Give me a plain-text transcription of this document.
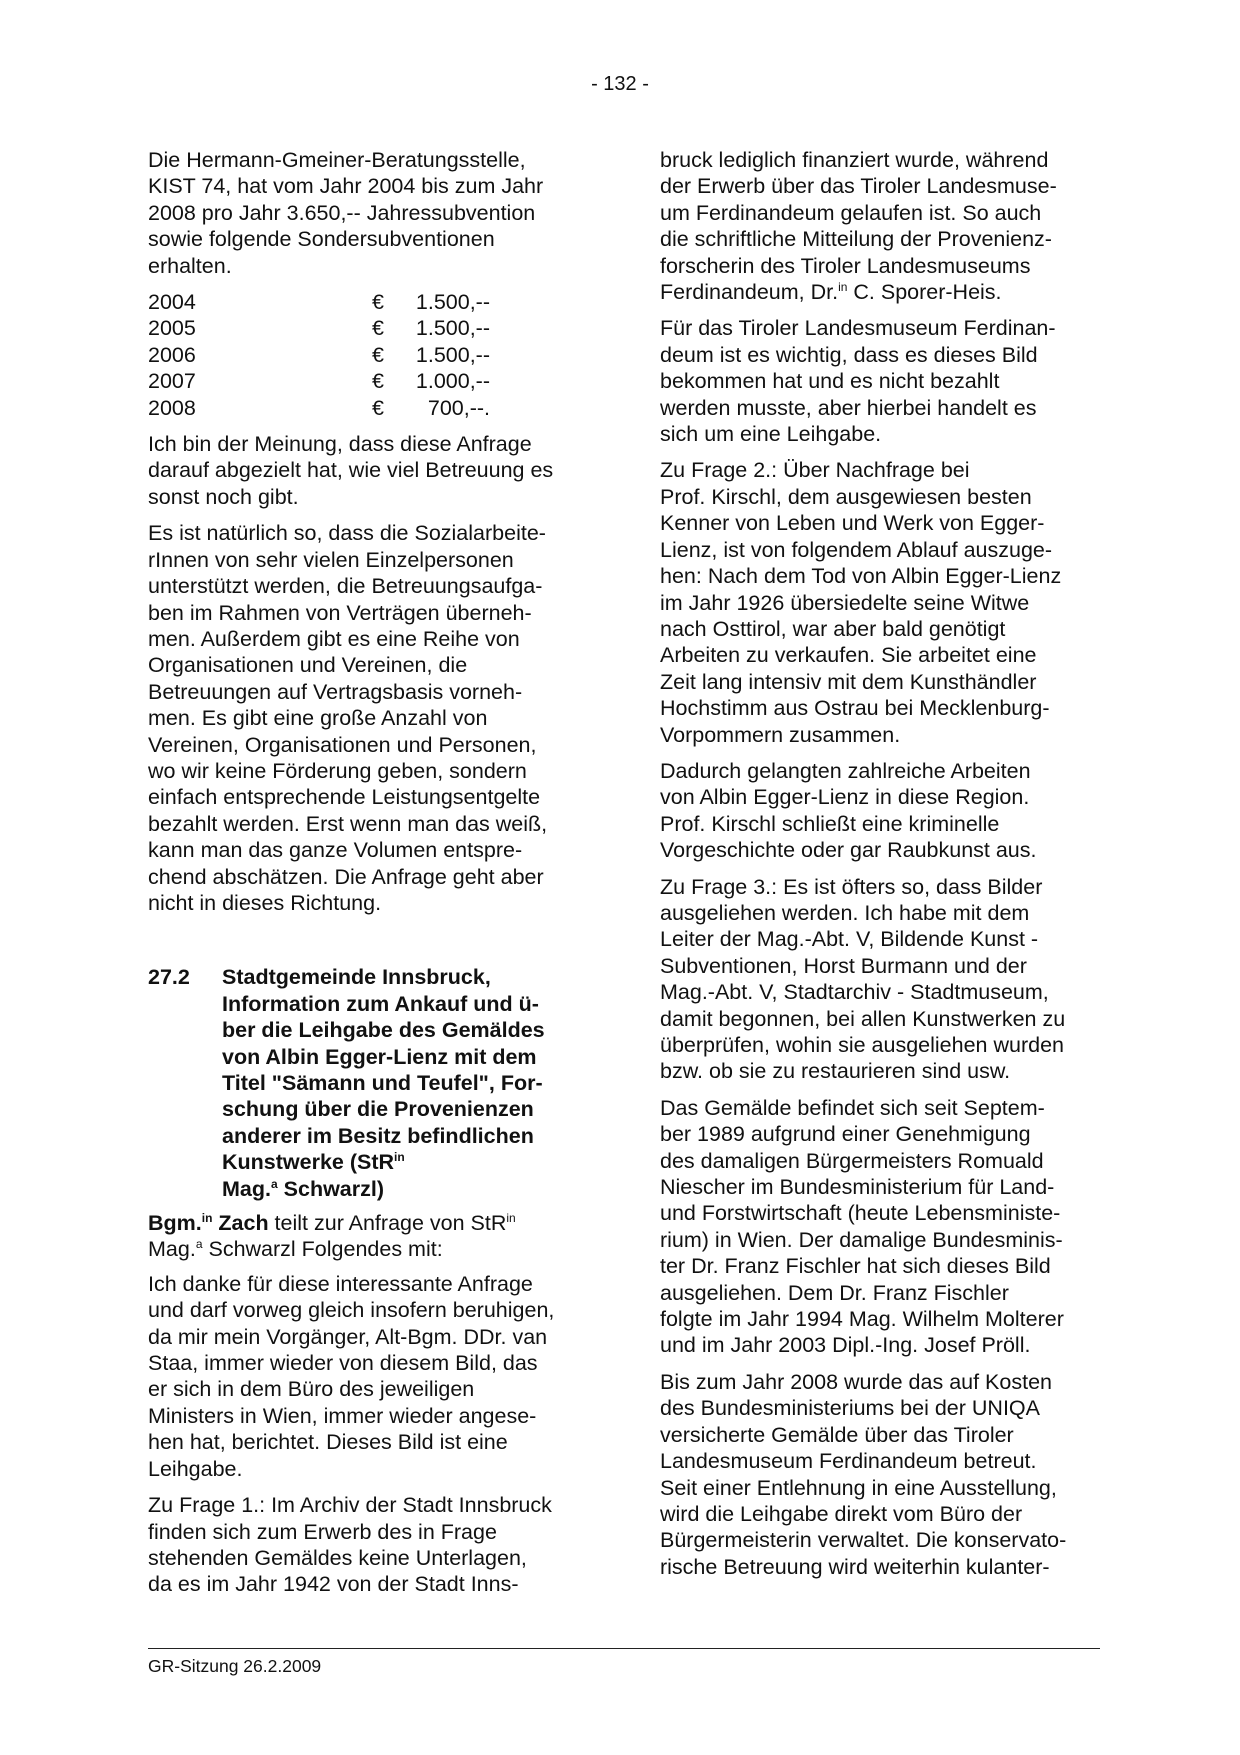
- 132 -

Die Hermann-Gmeiner-Beratungsstelle,
KIST 74, hat vom Jahr 2004 bis zum Jahr
2008 pro Jahr 3.650,-- Jahressubvention
sowie folgende Sondersubventionen
erhalten.

2004	€	1.500,--
2005	€	1.500,--
2006	€	1.500,--
2007	€	1.000,--
2008	€	700,--.

Ich bin der Meinung, dass diese Anfrage
darauf abgezielt hat, wie viel Betreuung es
sonst noch gibt.

Es ist natürlich so, dass die Sozialarbeite-
rInnen von sehr vielen Einzelpersonen
unterstützt werden, die Betreuungsaufga-
ben im Rahmen von Verträgen überneh-
men. Außerdem gibt es eine Reihe von
Organisationen und Vereinen, die
Betreuungen auf Vertragsbasis vorneh-
men. Es gibt eine große Anzahl von
Vereinen, Organisationen und Personen,
wo wir keine Förderung geben, sondern
einfach entsprechende Leistungsentgelte
bezahlt werden. Erst wenn man das weiß,
kann man das ganze Volumen entspre-
chend abschätzen. Die Anfrage geht aber
nicht in dieses Richtung.

27.2	Stadtgemeinde Innsbruck,
Information zum Ankauf und ü-
ber die Leihgabe des Gemäldes
von Albin Egger-Lienz mit dem
Titel "Sämann und Teufel", For-
schung über die Provenienzen
anderer im Besitz befindlichen
Kunstwerke (StR$^{in}$
Mag.$^a$ Schwarzl)

Bgm.$^{in}$ Zach teilt zur Anfrage von StR$^{in}$
Mag.$^a$ Schwarzl Folgendes mit:

Ich danke für diese interessante Anfrage
und darf vorweg gleich insofern beruhigen,
da mir mein Vorgänger, Alt-Bgm. DDr. van
Staa, immer wieder von diesem Bild, das
er sich in dem Büro des jeweiligen
Ministers in Wien, immer wieder angese-
hen hat, berichtet. Dieses Bild ist eine
Leihgabe.

Zu Frage 1.: Im Archiv der Stadt Innsbruck
finden sich zum Erwerb des in Frage
stehenden Gemäldes keine Unterlagen,
da es im Jahr 1942 von der Stadt Inns-

bruck lediglich finanziert wurde, während
der Erwerb über das Tiroler Landesmuse-
um Ferdinandeum gelaufen ist. So auch
die schriftliche Mitteilung der Provenienz-
forscherin des Tiroler Landesmuseums
Ferdinandeum, Dr.$^{in}$ C. Sporer-Heis.

Für das Tiroler Landesmuseum Ferdinan-
deum ist es wichtig, dass es dieses Bild
bekommen hat und es nicht bezahlt
werden musste, aber hierbei handelt es
sich um eine Leihgabe.

Zu Frage 2.: Über Nachfrage bei
Prof. Kirschl, dem ausgewiesen besten
Kenner von Leben und Werk von Egger-
Lienz, ist von folgendem Ablauf auszuge-
hen: Nach dem Tod von Albin Egger-Lienz
im Jahr 1926 übersiedelte seine Witwe
nach Osttirol, war aber bald genötigt
Arbeiten zu verkaufen. Sie arbeitet eine
Zeit lang intensiv mit dem Kunsthändler
Hochstimm aus Ostrau bei Mecklenburg-
Vorpommern zusammen.

Dadurch gelangten zahlreiche Arbeiten
von Albin Egger-Lienz in diese Region.
Prof. Kirschl schließt eine kriminelle
Vorgeschichte oder gar Raubkunst aus.

Zu Frage 3.: Es ist öfters so, dass Bilder
ausgeliehen werden. Ich habe mit dem
Leiter der Mag.-Abt. V, Bildende Kunst -
Subventionen, Horst Burmann und der
Mag.-Abt. V, Stadtarchiv - Stadtmuseum,
damit begonnen, bei allen Kunstwerken zu
überprüfen, wohin sie ausgeliehen wurden
bzw. ob sie zu restaurieren sind usw.

Das Gemälde befindet sich seit Septem-
ber 1989 aufgrund einer Genehmigung
des damaligen Bürgermeisters Romuald
Niescher im Bundesministerium für Land-
und Forstwirtschaft (heute Lebensministe-
rium) in Wien. Der damalige Bundesminis-
ter Dr. Franz Fischler hat sich dieses Bild
ausgeliehen. Dem Dr. Franz Fischler
folgte im Jahr 1994 Mag. Wilhelm Molterer
und im Jahr 2003 Dipl.-Ing. Josef Pröll.

Bis zum Jahr 2008 wurde das auf Kosten
des Bundesministeriums bei der UNIQA
versicherte Gemälde über das Tiroler
Landesmuseum Ferdinandeum betreut.
Seit einer Entlehnung in eine Ausstellung,
wird die Leihgabe direkt vom Büro der
Bürgermeisterin verwaltet. Die konservato-
rische Betreuung wird weiterhin kulanter-

GR-Sitzung 26.2.2009
